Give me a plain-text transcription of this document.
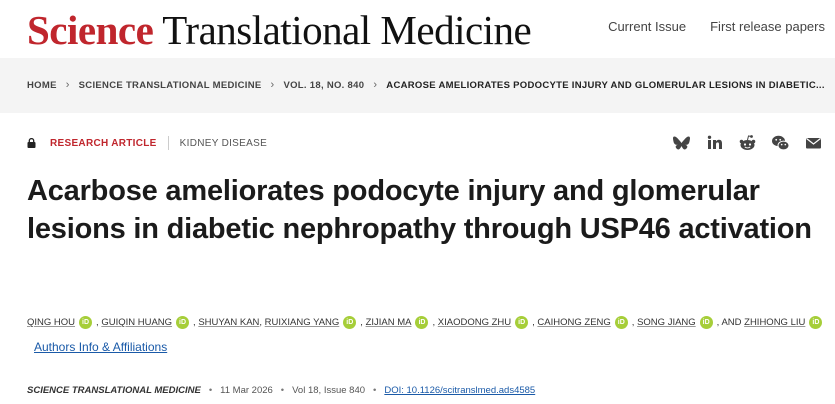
Science Translational Medicine	Current Issue First release papers
HOME › SCIENCE TRANSLATIONAL MEDICINE › VOL. 18, NO. 840 › ACAROSE AMELIORATES PODOCYTE INJURY AND GLOMERULAR LESIONS IN DIABETIC...
RESEARCH ARTICLE KIDNEY DISEASE
Acarbose ameliorates podocyte injury and glomerular lesions in diabetic nephropathy through USP46 activation
QING HOU iD , GUIQIN HUANG iD , SHUYAN KAN, RUIXIANG YANG iD , ZIJIAN MA iD , XIAODONG ZHU iD , CAIHONG ZENG iD , SONG JIANG iD , AND ZHIHONG LIU iD
Authors Info & Affiliations
SCIENCE TRANSLATIONAL MEDICINE • 11 Mar 2026 • Vol 18, Issue 840 • DOI: 10.1126/scitranslmed.ads4585
